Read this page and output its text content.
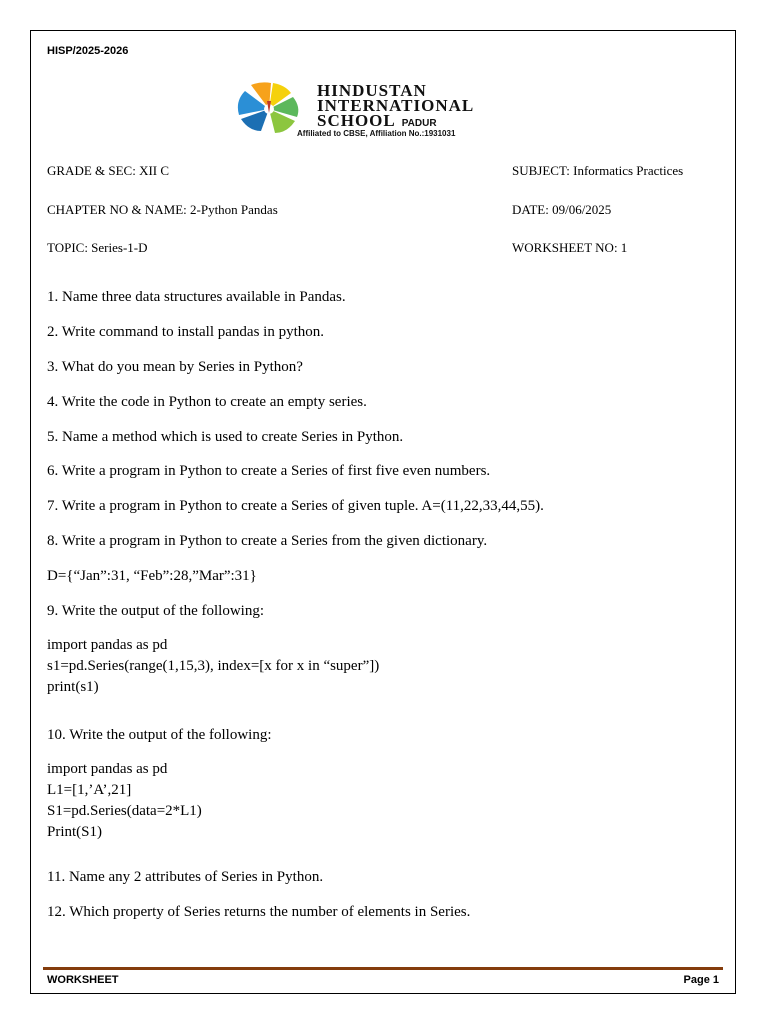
HISP/2025-2026
HINDUSTAN
INTERNATIONAL
SCHOOL PADUR
Affiliated to CBSE, Affiliation No.:1931031
GRADE & SEC: XII C	SUBJECT: Informatics Practices
CHAPTER NO & NAME: 2-Python Pandas	DATE: 09/06/2025
TOPIC: Series-1-D	WORKSHEET NO: 1
1. Name three data structures available in Pandas.
2. Write command to install pandas in python.
3. What do you mean by Series in Python?
4. Write the code in Python to create an empty series.
5. Name a method which is used to create Series in Python.
6. Write a program in Python to create a Series of first five even numbers.
7. Write a program in Python to create a Series of given tuple. A=(11,22,33,44,55).
8. Write a program in Python to create a Series from the given dictionary.
D={“Jan”:31, “Feb”:28,”Mar”:31}
9. Write the output of the following:
import pandas as pd
s1=pd.Series(range(1,15,3), index=[x for x in “super”])
print(s1)
10. Write the output of the following:
import pandas as pd
L1=[1,’A’,21]
S1=pd.Series(data=2*L1)
Print(S1)
11. Name any 2 attributes of Series in Python.
12. Which property of Series returns the number of elements in Series.
WORKSHEET	Page 1
